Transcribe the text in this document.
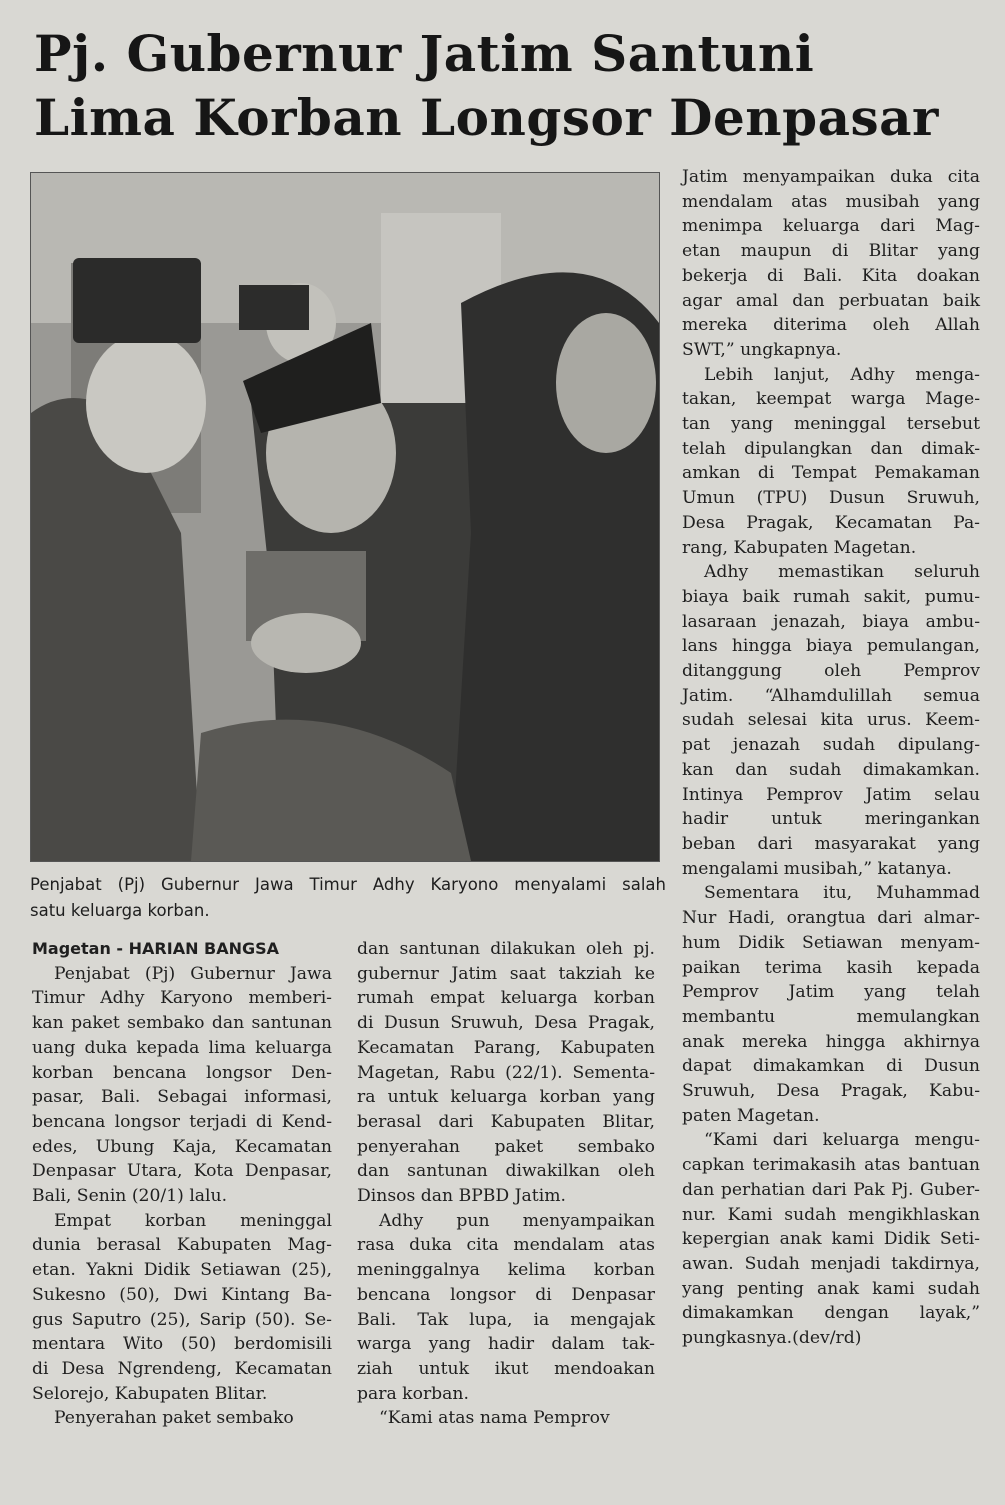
Pj. Gubernur Jatim Santuni
Lima Korban Longsor Denpasar
Penjabat (Pj) Gubernur Jawa Timur Adhy Karyono menyalami salah
satu keluarga korban.
Magetan - HARIAN BANGSA
Penjabat (Pj) Gubernur Jawa
Timur Adhy Karyono memberi-
kan paket sembako dan santunan
uang duka kepada lima keluarga
korban bencana longsor Den-
pasar, Bali. Sebagai informasi,
bencana longsor terjadi di Kend-
edes, Ubung Kaja, Kecamatan
Denpasar Utara, Kota Denpasar,
Bali, Senin (20/1) lalu.
Empat korban meninggal
dunia berasal Kabupaten Mag-
etan. Yakni Didik Setiawan (25),
Sukesno (50), Dwi Kintang Ba-
gus Saputro (25), Sarip (50). Se-
mentara Wito (50) berdomisili
di Desa Ngrendeng, Kecamatan
Selorejo, Kabupaten Blitar.
Penyerahan paket sembako
dan santunan dilakukan oleh pj.
gubernur Jatim saat takziah ke
rumah empat keluarga korban
di Dusun Sruwuh, Desa Pragak,
Kecamatan Parang, Kabupaten
Magetan, Rabu (22/1). Sementa-
ra untuk keluarga korban yang
berasal dari Kabupaten Blitar,
penyerahan paket sembako
dan santunan diwakilkan oleh
Dinsos dan BPBD Jatim.
Adhy pun menyampaikan
rasa duka cita mendalam atas
meninggalnya kelima korban
bencana longsor di Denpasar
Bali. Tak lupa, ia mengajak
warga yang hadir dalam tak-
ziah untuk ikut mendoakan
para korban.
“Kami atas nama Pemprov
Jatim menyampaikan duka cita
mendalam atas musibah yang
menimpa keluarga dari Mag-
etan maupun di Blitar yang
bekerja di Bali. Kita doakan
agar amal dan perbuatan baik
mereka diterima oleh Allah
SWT,” ungkapnya.
Lebih lanjut, Adhy menga-
takan, keempat warga Mage-
tan yang meninggal tersebut
telah dipulangkan dan dimak-
amkan di Tempat Pemakaman
Umun (TPU) Dusun Sruwuh,
Desa Pragak, Kecamatan Pa-
rang, Kabupaten Magetan.
Adhy memastikan seluruh
biaya baik rumah sakit, pumu-
lasaraan jenazah, biaya ambu-
lans hingga biaya pemulangan,
ditanggung oleh Pemprov
Jatim. “Alhamdulillah semua
sudah selesai kita urus. Keem-
pat jenazah sudah dipulang-
kan dan sudah dimakamkan.
Intinya Pemprov Jatim selau
hadir untuk meringankan
beban dari masyarakat yang
mengalami musibah,” katanya.
Sementara itu, Muhammad
Nur Hadi, orangtua dari almar-
hum Didik Setiawan menyam-
paikan terima kasih kepada
Pemprov Jatim yang telah
membantu memulangkan
anak mereka hingga akhirnya
dapat dimakamkan di Dusun
Sruwuh, Desa Pragak, Kabu-
paten Magetan.
“Kami dari keluarga mengu-
capkan terimakasih atas bantuan
dan perhatian dari Pak Pj. Guber-
nur. Kami sudah mengikhlaskan
kepergian anak kami Didik Seti-
awan. Sudah menjadi takdirnya,
yang penting anak kami sudah
dimakamkan dengan layak,”
pungkasnya.(dev/rd)
